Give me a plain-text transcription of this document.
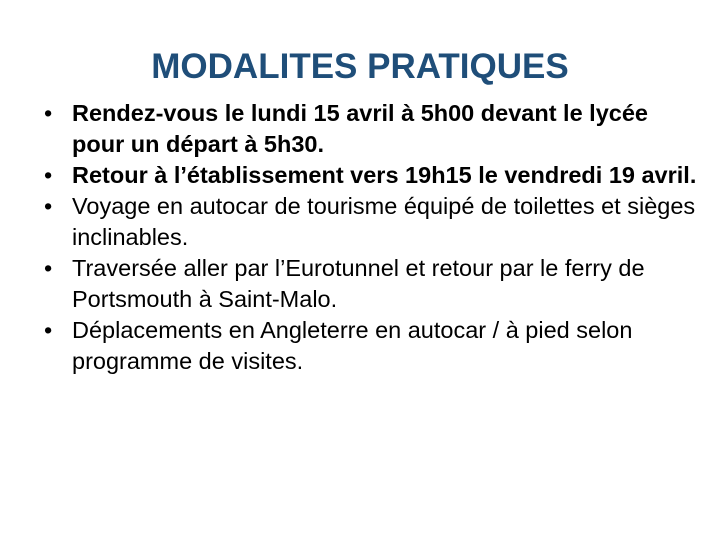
MODALITES PRATIQUES
• Rendez-vous le lundi 15 avril à 5h00 devant le lycée pour un départ à 5h30.
• Retour à l’établissement vers 19h15 le vendredi 19 avril.
• Voyage en autocar de tourisme équipé de toilettes et sièges inclinables.
• Traversée aller par l’Eurotunnel et retour par le ferry de Portsmouth à Saint-Malo.
• Déplacements en Angleterre en autocar / à pied selon programme de visites.
